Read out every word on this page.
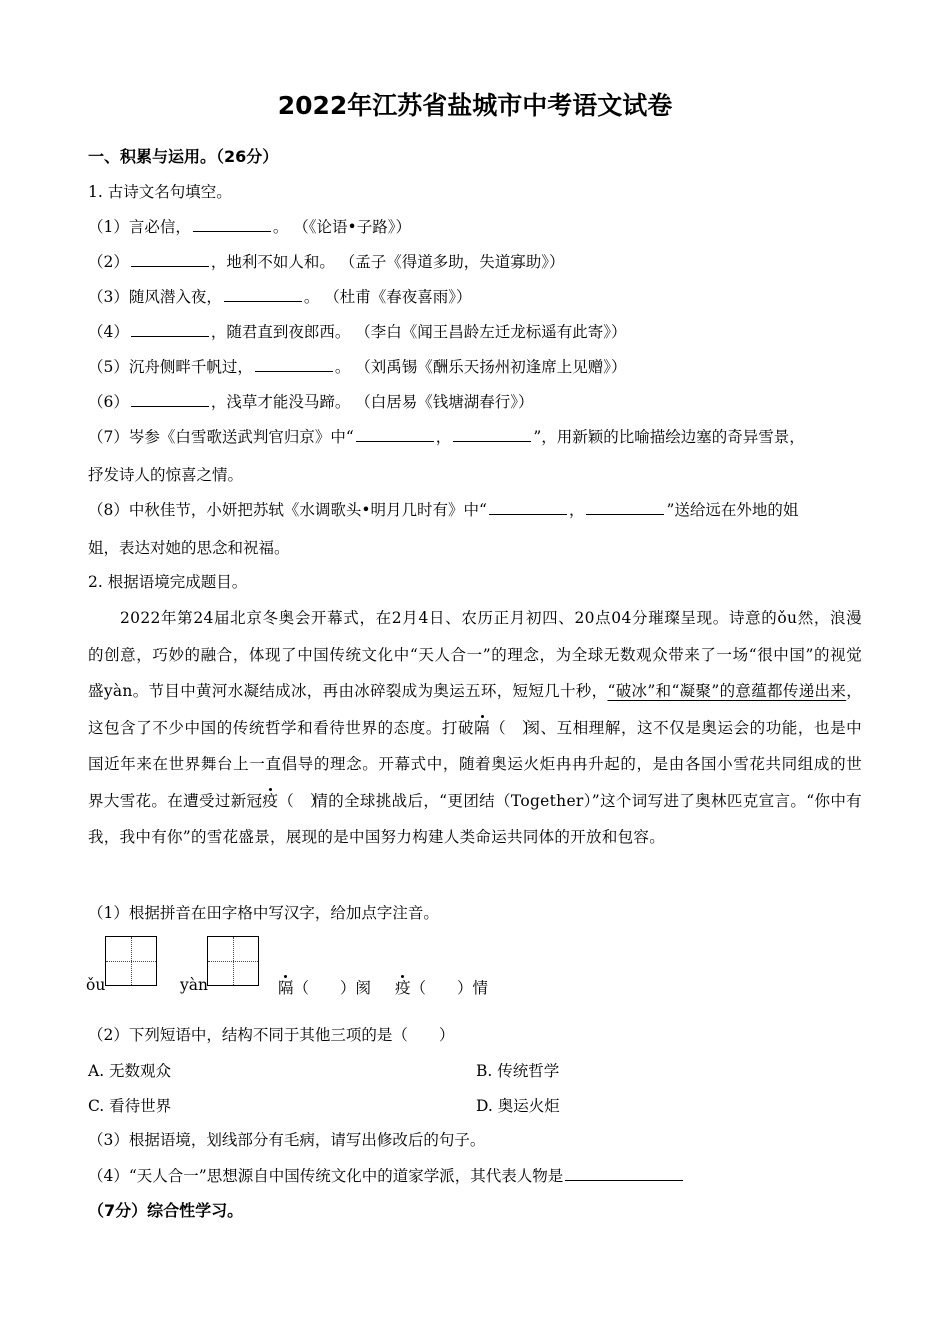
2022年江苏省盐城市中考语文试卷
一、积累与运用。（26分）
1. 古诗文名句填空。
（1）言必信，	。 （《论语•子路》）
（2）	，地利不如人和。 （孟子《得道多助，失道寡助》）
（3）随风潜入夜，	。 （杜甫《春夜喜雨》）
（4）	，随君直到夜郎西。 （李白《闻王昌龄左迁龙标遥有此寄》）
（5）沉舟侧畔千帆过，	。 （刘禹锡《酬乐天扬州初逢席上见赠》）
（6）	，浅草才能没马蹄。 （白居易《钱塘湖春行》）
（7）岑参《白雪歌送武判官归京》中“	，	”，用新颖的比喻描绘边塞的奇异雪景，
抒发诗人的惊喜之情。
（8）中秋佳节，小妍把苏轼《水调歌头•明月几时有》中“	，	”送给远在外地的姐
姐，表达对她的思念和祝福。
2. 根据语境完成题目。
2022年第24届北京冬奥会开幕式，在2月4日、农历正月初四、20点04分璀璨呈现。诗意的ǒu然，浪漫的创意，巧妙的融合，体现了中国传统文化中“天人合一”的理念，为全球无数观众带来了一场“很中国”的视觉盛yàn。节目中黄河水凝结成冰，再由冰碎裂成为奥运五环，短短几十秒，“破冰”和“凝聚”的意蕴都传递出来，这包含了不少中国的传统哲学和看待世界的态度。打破隔（　）阂、互相理解，这不仅是奥运会的功能，也是中国近年来在世界舞台上一直倡导的理念。开幕式中，随着奥运火炬冉冉升起的，是由各国小雪花共同组成的世界大雪花。在遭受过新冠疫（　）情的全球挑战后，“更团结（Together）”这个词写进了奥林匹克宣言。“你中有我，我中有你”的雪花盛景，展现的是中国努力构建人类命运共同体的开放和包容。
（1）根据拼音在田字格中写汉字，给加点字注音。
ǒu	yàn	隔（　　）阂 疫（　　）情
（2）下列短语中，结构不同于其他三项的是（　　）
A. 无数观众	B. 传统哲学
C. 看待世界	D. 奥运火炬
（3）根据语境，划线部分有毛病，请写出修改后的句子。
（4）“天人合一”思想源自中国传统文化中的道家学派，其代表人物是
（7分）综合性学习。
